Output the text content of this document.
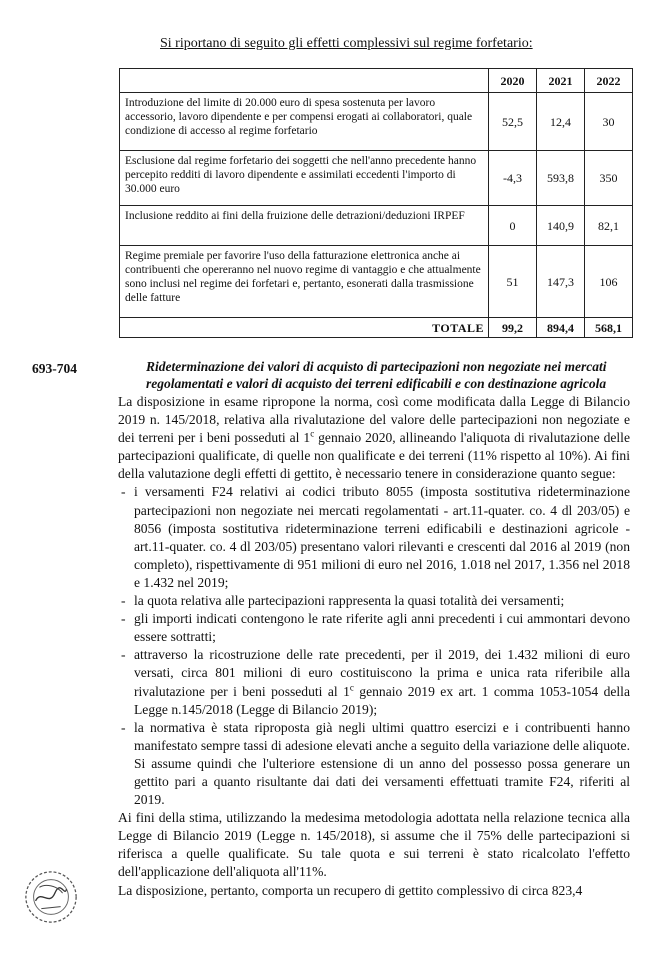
Si riportano di seguito gli effetti complessivi sul regime forfetario:
	2020	2021	2022
Introduzione del limite di 20.000 euro di spesa sostenuta per lavoro accessorio, lavoro dipendente e per compensi erogati ai collaboratori, quale condizione di accesso al regime forfetario	52,5	12,4	30
Esclusione dal regime forfetario dei soggetti che nell'anno precedente hanno percepito redditi di lavoro dipendente e assimilati eccedenti l'importo di 30.000 euro	-4,3	593,8	350
Inclusione reddito ai fini della fruizione delle detrazioni/deduzioni IRPEF	0	140,9	82,1
Regime premiale per favorire l'uso della fatturazione elettronica anche ai contribuenti che opereranno nel nuovo regime di vantaggio e che attualmente sono inclusi nel regime dei forfetari e, pertanto, esonerati dalla trasmissione delle fatture	51	147,3	106
TOTALE	99,2	894,4	568,1
693-704	Rideterminazione dei valori di acquisto di partecipazioni non negoziate nei mercati regolamentati e valori di acquisto dei terreni edificabili e con destinazione agricola

La disposizione in esame ripropone la norma, così come modificata dalla Legge di Bilancio 2019 n. 145/2018, relativa alla rivalutazione del valore delle partecipazioni non negoziate e dei terreni per i beni posseduti al 1$^c$ gennaio 2020, allineando l'aliquota di rivalutazione delle partecipazioni qualificate, di quelle non qualificate e dei terreni (11% rispetto al 10%). Ai fini della valutazione degli effetti di gettito, è necessario tenere in considerazione quanto segue:

- i versamenti F24 relativi ai codici tributo 8055 (imposta sostitutiva rideterminazione partecipazioni non negoziate nei mercati regolamentati - art.11-quater. co. 4 dl 203/05) e 8056 (imposta sostitutiva rideterminazione terreni edificabili e destinazioni agricole - art.11-quater. co. 4 dl 203/05) presentano valori rilevanti e crescenti dal 2016 al 2019 (non completo), rispettivamente di 951 milioni di euro nel 2016, 1.018 nel 2017, 1.356 nel 2018 e 1.432 nel 2019;
- la quota relativa alle partecipazioni rappresenta la quasi totalità dei versamenti;
- gli importi indicati contengono le rate riferite agli anni precedenti i cui ammontari devono essere sottratti;
- attraverso la ricostruzione delle rate precedenti, per il 2019, dei 1.432 milioni di euro versati, circa 801 milioni di euro costituiscono la prima e unica rata riferibile alla rivalutazione per i beni posseduti al 1$^c$ gennaio 2019 ex art. 1 comma 1053-1054 della Legge n.145/2018 (Legge di Bilancio 2019);
- la normativa è stata riproposta già negli ultimi quattro esercizi e i contribuenti hanno manifestato sempre tassi di adesione elevati anche a seguito della variazione delle aliquote. Si assume quindi che l'ulteriore estensione di un anno del possesso possa generare un gettito pari a quanto risultante dai dati dei versamenti effettuati tramite F24, riferiti al 2019.

Ai fini della stima, utilizzando la medesima metodologia adottata nella relazione tecnica alla Legge di Bilancio 2019 (Legge n. 145/2018), si assume che il 75% delle partecipazioni si riferisca a quelle qualificate. Su tale quota e sui terreni è stato ricalcolato l'effetto dell'applicazione dell'aliquota all'11%.

La disposizione, pertanto, comporta un recupero di gettito complessivo di circa 823,4
